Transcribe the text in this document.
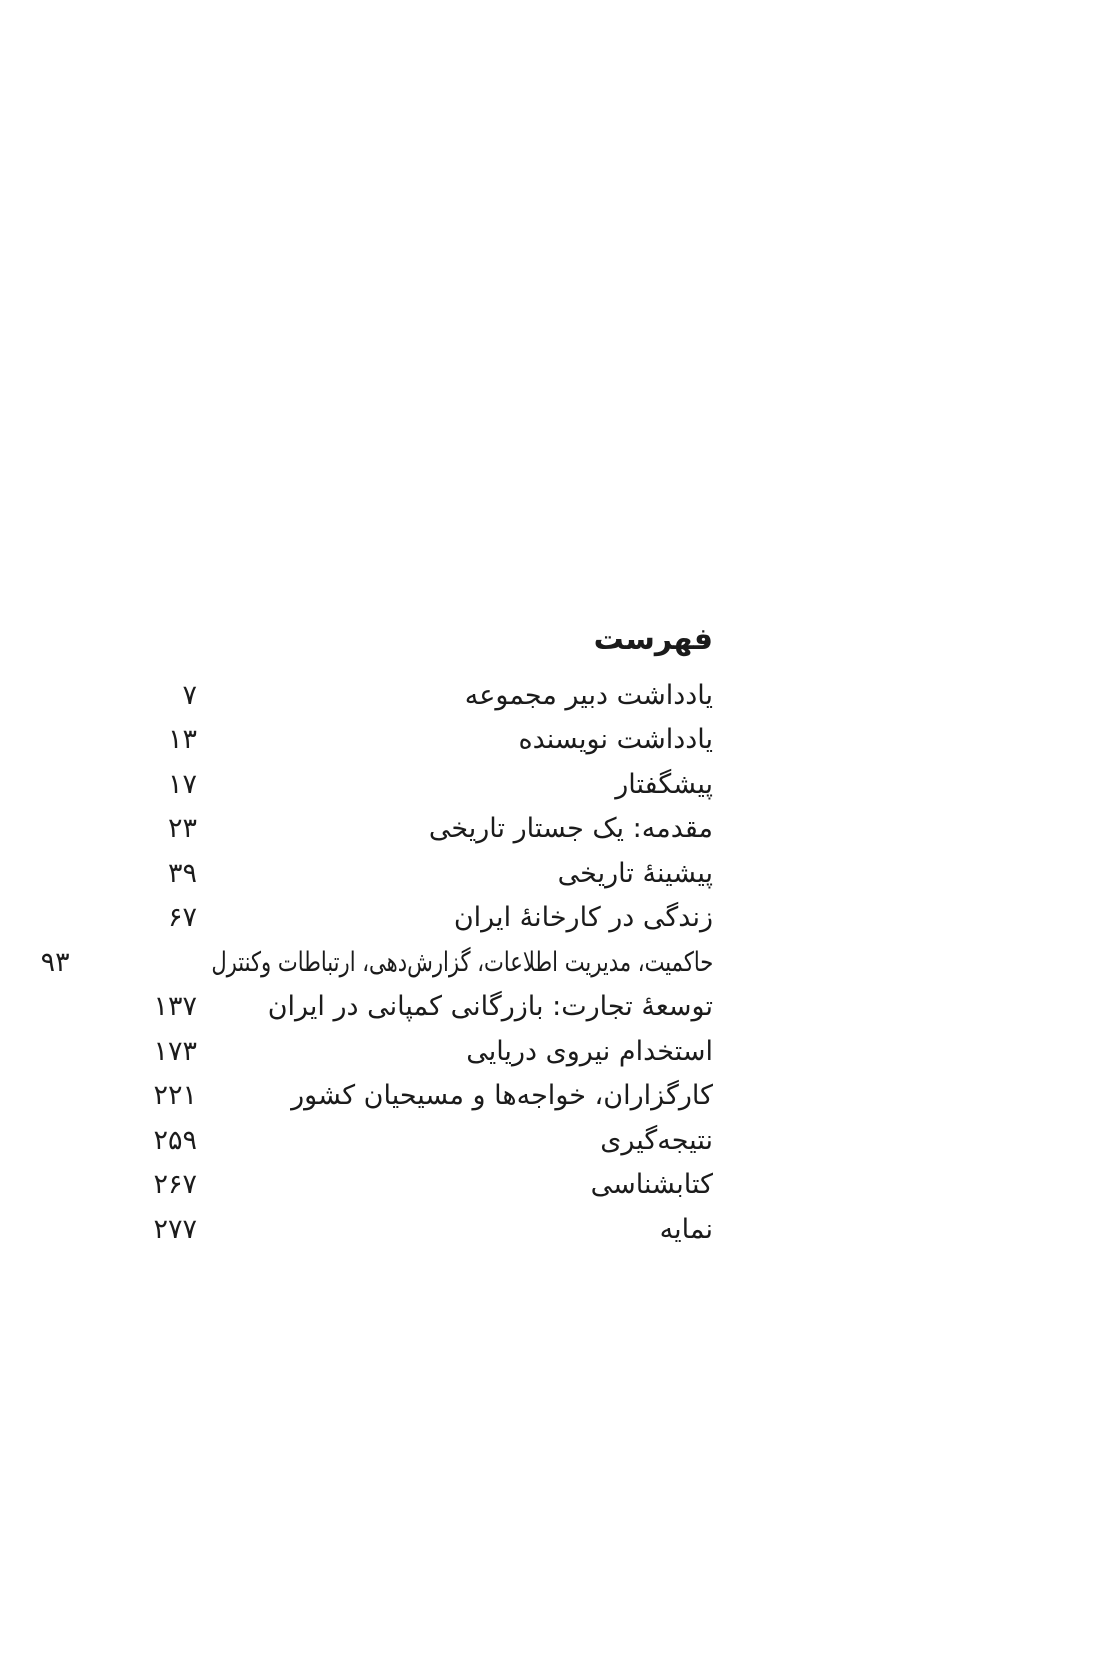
فهرست
یادداشت دبیر مجموعه
۷
یادداشت نویسنده
۱۳
پیشگفتار
۱۷
مقدمه: یک جستار تاریخی
۲۳
پیشینهٔ تاریخی
۳۹
زندگی در کارخانهٔ ایران
۶۷
حاکمیت، مدیریت اطلاعات، گزارش‌دهی، ارتباطات وکنترل
۹۳
توسعهٔ تجارت: بازرگانی کمپانی در ایران
۱۳۷
استخدام نیروی دریایی
۱۷۳
کارگزاران، خواجه‌ها و مسیحیان کشور
۲۲۱
نتیجه‌گیری
۲۵۹
کتابشناسی
۲۶۷
نمایه
۲۷۷
